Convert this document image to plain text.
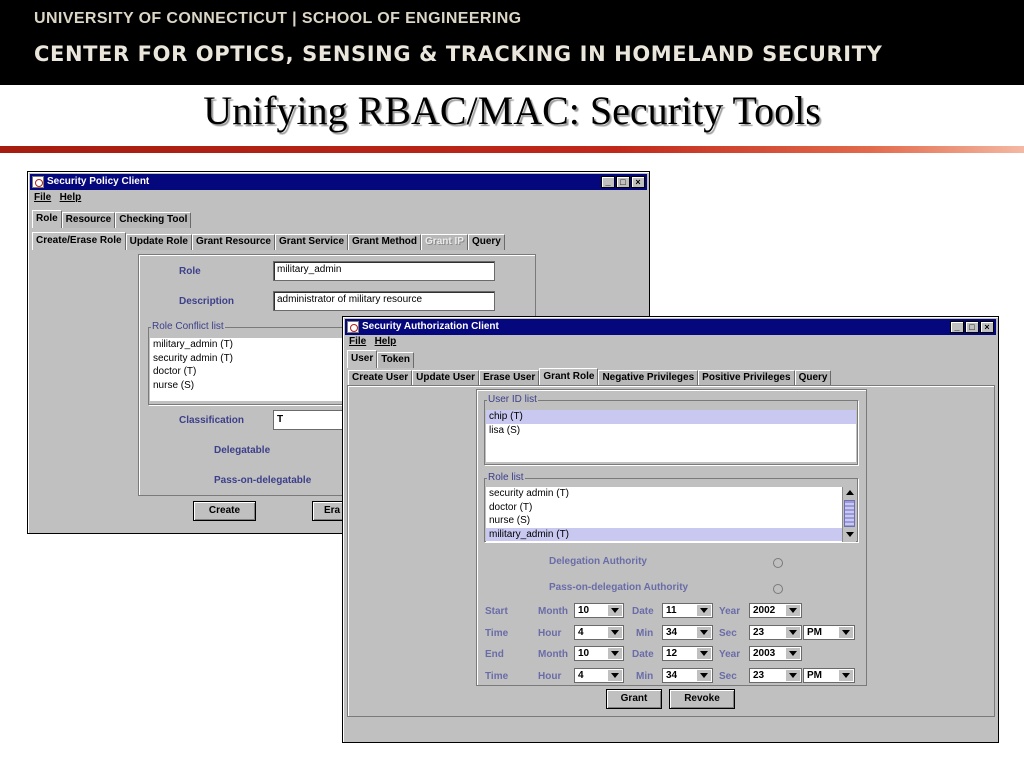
UNIVERSITY OF CONNECTICUT | SCHOOL OF ENGINEERING
CENTER FOR OPTICS, SENSING & TRACKING IN HOMELAND SECURITY
Unifying RBAC/MAC: Security Tools
Security Policy Client	_	□	×
File Help
Role Resource Checking Tool
Create/Erase Role Update Role Grant Resource Grant Service Grant Method Grant IP Query
Role	military_admin
Description	administrator of military resource
Role Conflict list
military_admin (T)
security admin (T)
doctor (T)
nurse (S)
Classification	T
Delegatable
Pass-on-delegatable
Create	Era
Security Authorization Client	_	□	×
File Help
User Token
Create User Update User Erase User Grant Role Negative Privileges Positive Privileges Query
User ID list
chip (T)
lisa (S)
Role list
security admin (T)
doctor (T)
nurse (S)
military_admin (T)
Delegation Authority
Pass-on-delegation Authority
Start	Month	10	Date	11	Year	2002
Time	Hour	4	Min	34	Sec	23	PM
End	Month	10	Date	12	Year	2003
Time	Hour	4	Min	34	Sec	23	PM
Grant	Revoke
